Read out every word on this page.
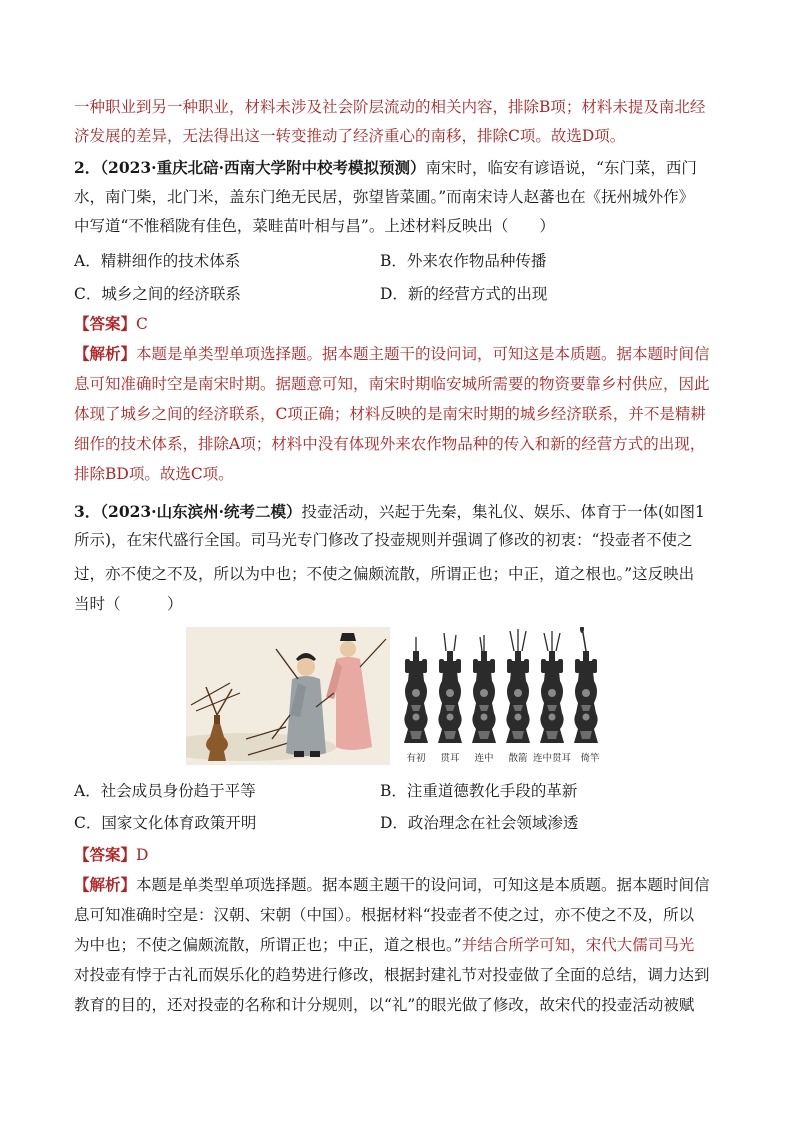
一种职业到另一种职业，材料未涉及社会阶层流动的相关内容，排除B项；材料未提及南北经
济发展的差异，无法得出这一转变推动了经济重心的南移，排除C项。故选D项。
2．（2023·重庆北碚·西南大学附中校考模拟预测）南宋时，临安有谚语说，“东门菜，西门
水，南门柴，北门米，盖东门绝无民居，弥望皆菜圃。”而南宋诗人赵蕃也在《抚州城外作》
中写道“不惟稻陇有佳色，菜畦苗叶相与昌”。上述材料反映出（　　）
A．精耕细作的技术体系	B．外来农作物品种传播
C．城乡之间的经济联系	D．新的经营方式的出现
【答案】C
【解析】本题是单类型单项选择题。据本题主题干的设问词，可知这是本质题。据本题时间信
息可知准确时空是南宋时期。据题意可知，南宋时期临安城所需要的物资要靠乡村供应，因此
体现了城乡之间的经济联系，C项正确；材料反映的是南宋时期的城乡经济联系，并不是精耕
细作的技术体系，排除A项；材料中没有体现外来农作物品种的传入和新的经营方式的出现，
排除BD项。故选C项。
3．（2023·山东滨州·统考二模）投壶活动，兴起于先秦，集礼仪、娱乐、体育于一体(如图1
所示)，在宋代盛行全国。司马光专门修改了投壶规则并强调了修改的初衷：“投壶者不使之
过，亦不使之不及，所以为中也；不使之偏颇流散，所谓正也；中正，道之根也。”这反映出
当时（　　　）
有初 贯耳 连中 散箭 连中贯耳 倚竿
A．社会成员身份趋于平等	B．注重道德教化手段的革新
C．国家文化体育政策开明	D．政治理念在社会领域渗透
【答案】D
【解析】本题是单类型单项选择题。据本题主题干的设问词，可知这是本质题。据本题时间信
息可知准确时空是：汉朝、宋朝（中国）。根据材料“投壶者不使之过，亦不使之不及，所以
为中也；不使之偏颇流散，所谓正也；中正，道之根也。”并结合所学可知，宋代大儒司马光
对投壶有悖于古礼而娱乐化的趋势进行修改，根据封建礼节对投壶做了全面的总结，调力达到
教育的目的，还对投壶的名称和计分规则，以“礼”的眼光做了修改，故宋代的投壶活动被赋
